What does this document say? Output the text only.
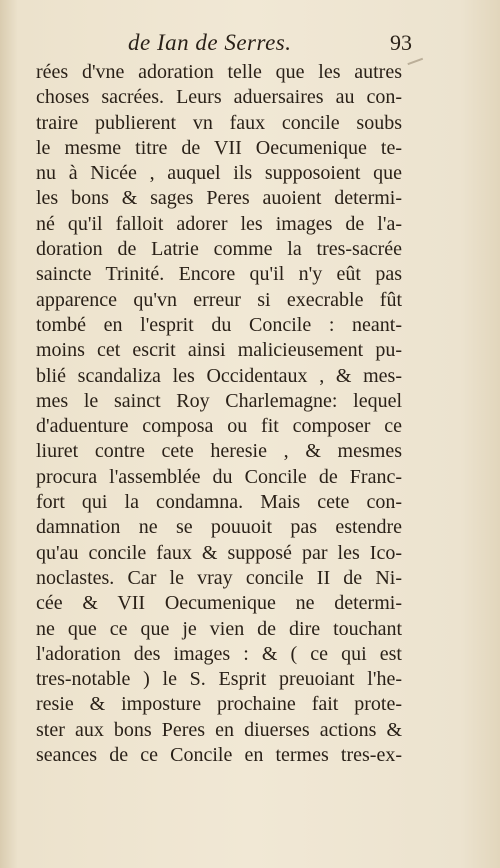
de Ian de Serres.	93
rées d'vne adoration telle que les autres
choses sacrées. Leurs aduersaires au con-
traire publierent vn faux concile soubs
le mesme titre de VII Oecumenique te-
nu à Nicée , auquel ils supposoient que
les bons & sages Peres auoient determi-
né qu'il falloit adorer les images de l'a-
doration de Latrie comme la tres-sacrée
saincte Trinité. Encore qu'il n'y eût pas
apparence qu'vn erreur si execrable fût
tombé en l'esprit du Concile : neant-
moins cet escrit ainsi malicieusement pu-
blié scandaliza les Occidentaux , & mes-
mes le sainct Roy Charlemagne: lequel
d'aduenture composa ou fit composer ce
liuret contre cete heresie , & mesmes
procura l'assemblée du Concile de Franc-
fort qui la condamna. Mais cete con-
damnation ne se pouuoit pas estendre
qu'au concile faux & supposé par les Ico-
noclastes. Car le vray concile II de Ni-
cée & VII Oecumenique ne determi-
ne que ce que je vien de dire touchant
l'adoration des images : & ( ce qui est
tres-notable ) le S. Esprit preuoiant l'he-
resie & imposture prochaine fait prote-
ster aux bons Peres en diuerses actions &
seances de ce Concile en termes tres-ex-
